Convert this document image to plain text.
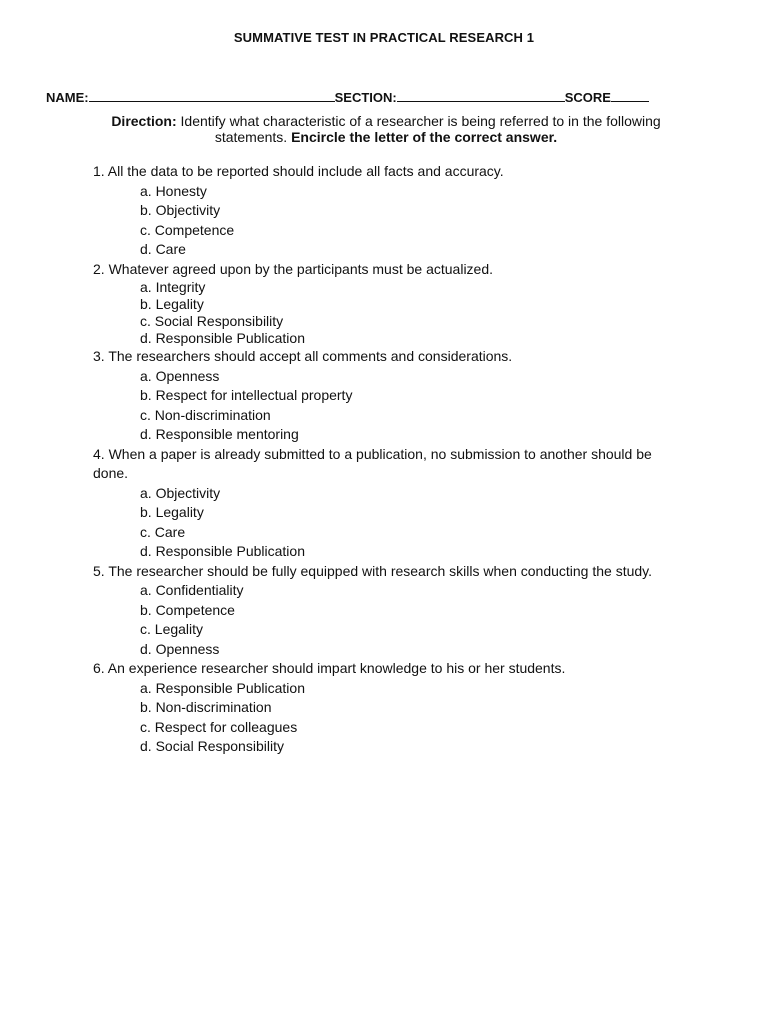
SUMMATIVE TEST IN PRACTICAL RESEARCH 1
NAME:	SECTION:	SCORE
Direction: Identify what characteristic of a researcher is being referred to in the following statements. Encircle the letter of the correct answer.

1. All the data to be reported should include all facts and accuracy.

a. Honesty
b. Objectivity
c. Competence
d. Care

2. Whatever agreed upon by the participants must be actualized.

a. Integrity
b. Legality
c. Social Responsibility
d. Responsible Publication

3. The researchers should accept all comments and considerations.

a. Openness
b. Respect for intellectual property
c. Non-discrimination
d. Responsible mentoring

4. When a paper is already submitted to a publication, no submission to another should be done.

a. Objectivity
b. Legality
c. Care
d. Responsible Publication

5. The researcher should be fully equipped with research skills when conducting the study.

a. Confidentiality
b. Competence
c. Legality
d. Openness

6. An experience researcher should impart knowledge to his or her students.

a. Responsible Publication
b. Non-discrimination
c. Respect for colleagues
d. Social Responsibility
